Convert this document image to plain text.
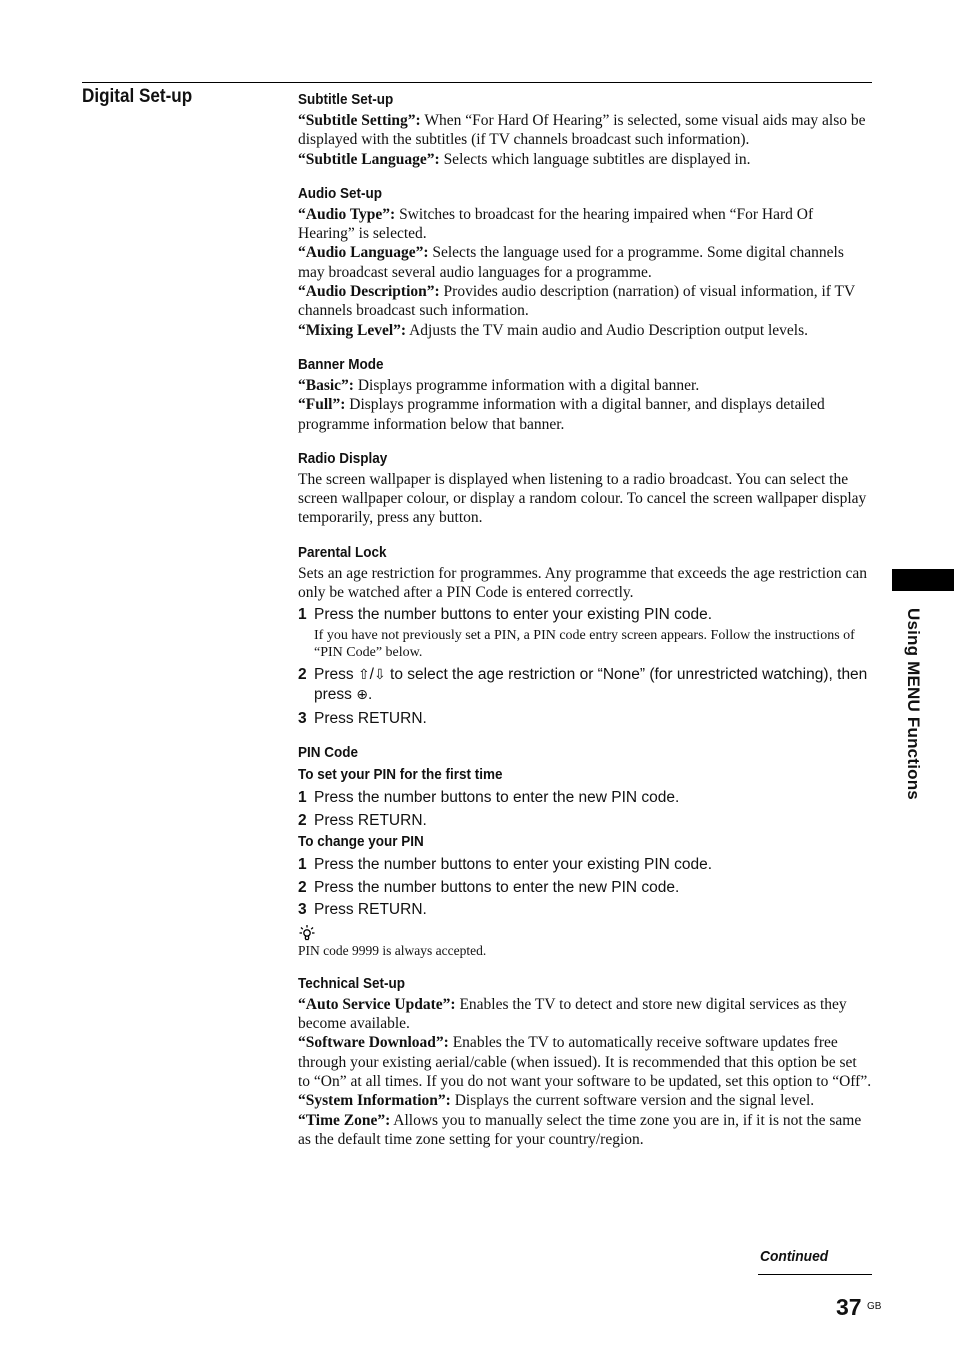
Digital Set-up	Subtitle Set-up

“Subtitle Setting”: When “For Hard Of Hearing” is selected, some visual aids may also be displayed with the subtitles (if TV channels broadcast such information).

“Subtitle Language”: Selects which language subtitles are displayed in.

Audio Set-up

“Audio Type”: Switches to broadcast for the hearing impaired when “For Hard Of Hearing” is selected.

“Audio Language”: Selects the language used for a programme. Some digital channels may broadcast several audio languages for a programme.

“Audio Description”: Provides audio description (narration) of visual information, if TV channels broadcast such information.

“Mixing Level”: Adjusts the TV main audio and Audio Description output levels.

Banner Mode

“Basic”: Displays programme information with a digital banner.

“Full”: Displays programme information with a digital banner, and displays detailed programme information below that banner.

Radio Display

The screen wallpaper is displayed when listening to a radio broadcast. You can select the screen wallpaper colour, or display a random colour. To cancel the screen wallpaper display temporarily, press any button.

Parental Lock

Sets an age restriction for programmes. Any programme that exceeds the age restriction can only be watched after a PIN Code is entered correctly.

1 Press the number buttons to enter your existing PIN code.

If you have not previously set a PIN, a PIN code entry screen appears. Follow the instructions of “PIN Code” below.

2 Press ⇧/⇩ to select the age restriction or “None” (for unrestricted watching), then press ⊕.
3 Press RETURN.
PIN Code
To set your PIN for the first time
1 Press the number buttons to enter the new PIN code.
2 Press RETURN.
To change your PIN
1 Press the number buttons to enter your existing PIN code.
2 Press the number buttons to enter the new PIN code.
3 Press RETURN.

PIN code 9999 is always accepted.

Technical Set-up

“Auto Service Update”: Enables the TV to detect and store new digital services as they become available.

“Software Download”: Enables the TV to automatically receive software updates free through your existing aerial/cable (when issued). It is recommended that this option be set to “On” at all times. If you do not want your software to be updated, set this option to “Off”.

“System Information”: Displays the current software version and the signal level.

“Time Zone”: Allows you to manually select the time zone you are in, if it is not the same as the default time zone setting for your country/region.

Using MENU Functions
Continued
37 GB
